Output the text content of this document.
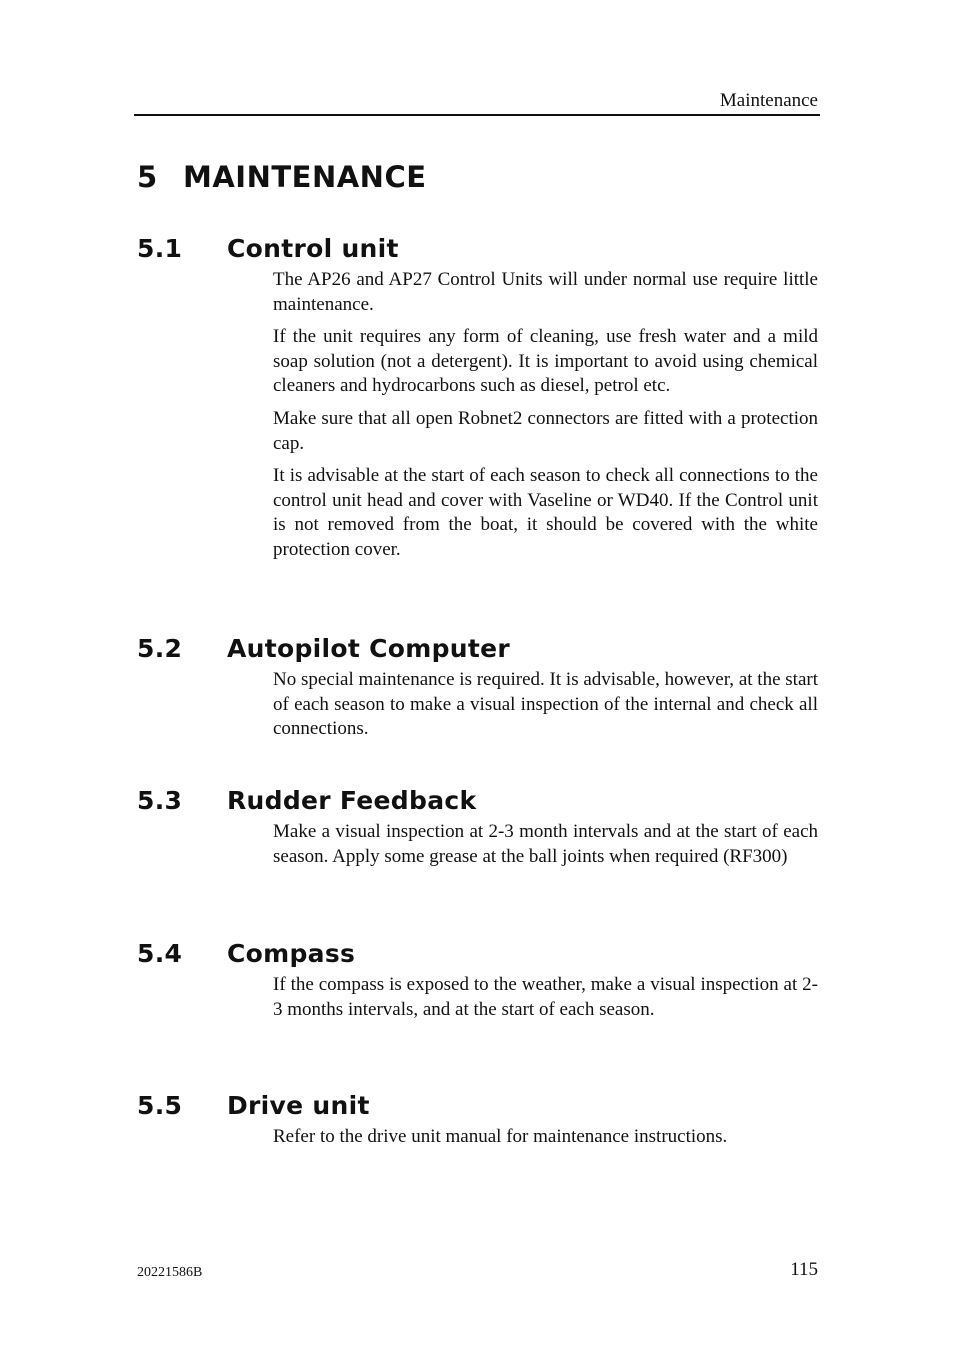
Maintenance
5 MAINTENANCE
5.1 Control unit

The AP26 and AP27 Control Units will under normal use require little maintenance.

If the unit requires any form of cleaning, use fresh water and a mild soap solution (not a detergent). It is important to avoid using chemical cleaners and hydrocarbons such as diesel, petrol etc.

Make sure that all open Robnet2 connectors are fitted with a protection cap.

It is advisable at the start of each season to check all connections to the control unit head and cover with Vaseline or WD40. If the Control unit is not removed from the boat, it should be covered with the white protection cover.

5.2 Autopilot Computer

No special maintenance is required. It is advisable, however, at the start of each season to make a visual inspection of the internal and check all connections.

5.3 Rudder Feedback

Make a visual inspection at 2-3 month intervals and at the start of each season. Apply some grease at the ball joints when required (RF300)

5.4 Compass

If the compass is exposed to the weather, make a visual inspection at 2-3 months intervals, and at the start of each season.

5.5 Drive unit

Refer to the drive unit manual for maintenance instructions.

20221586B	115
